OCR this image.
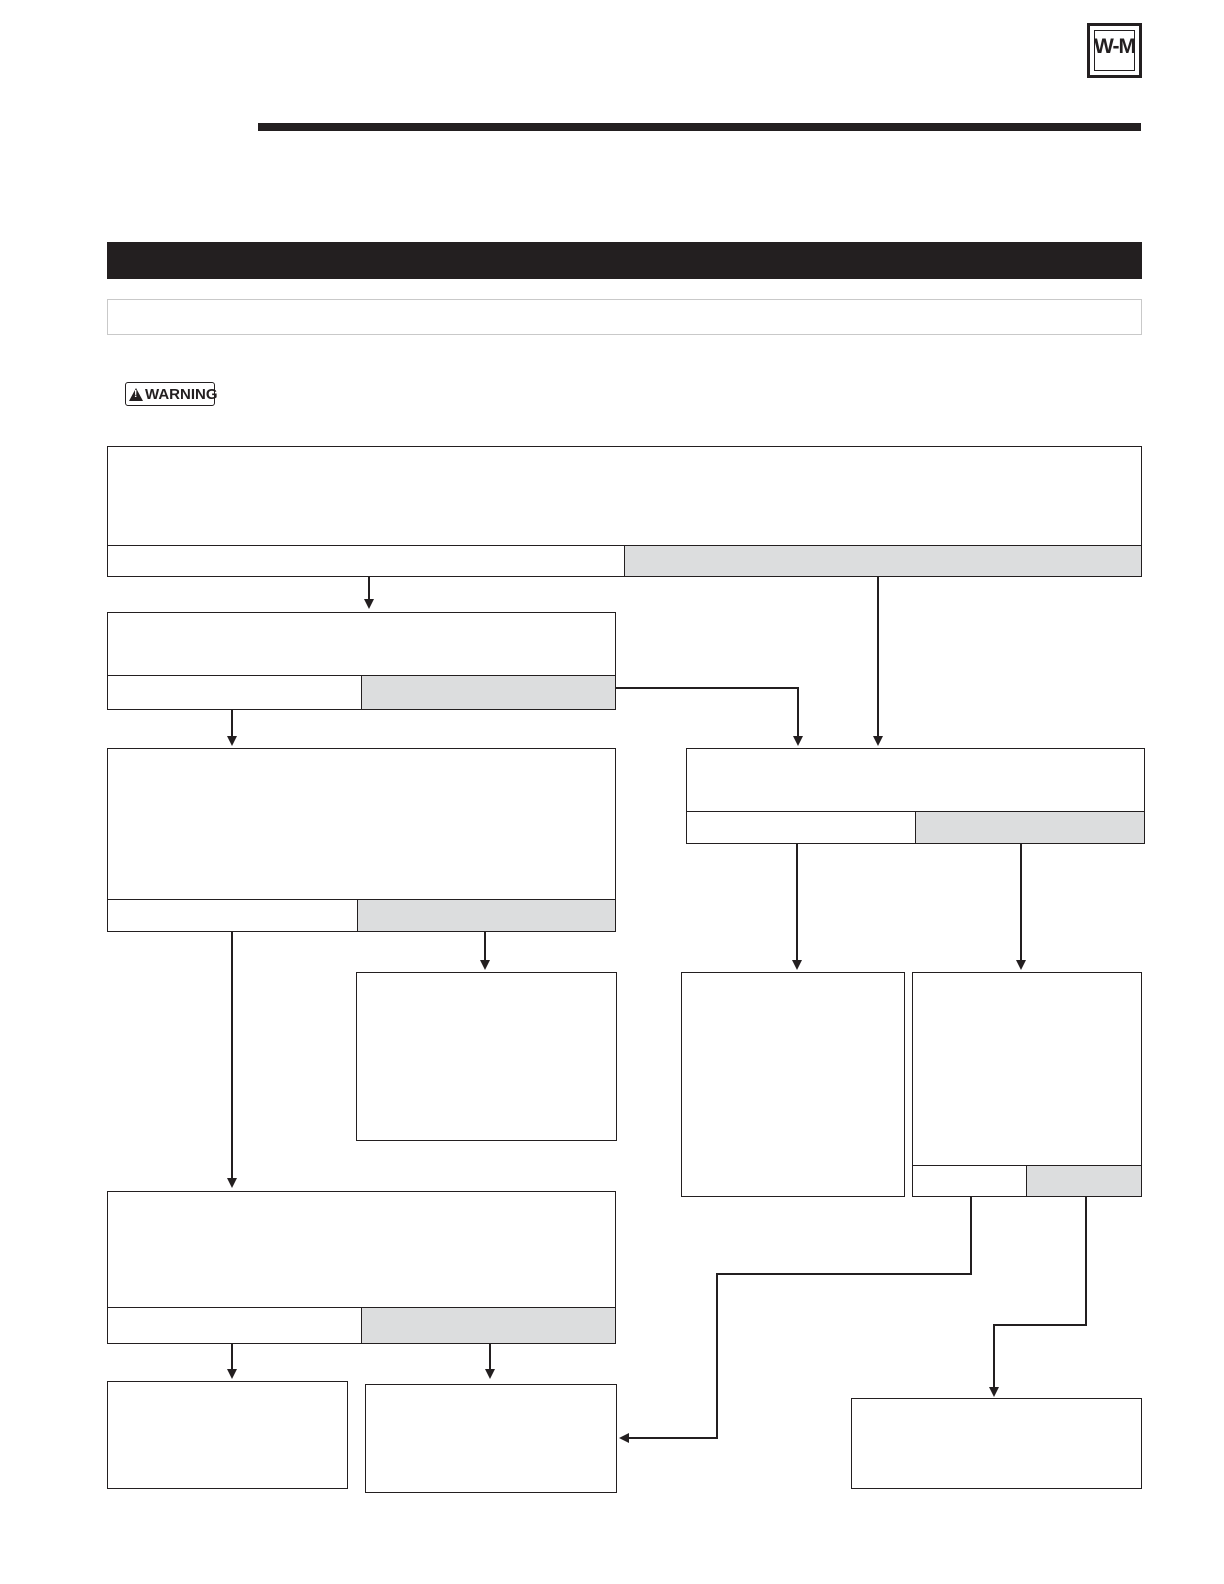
W-M
!
WARNING
